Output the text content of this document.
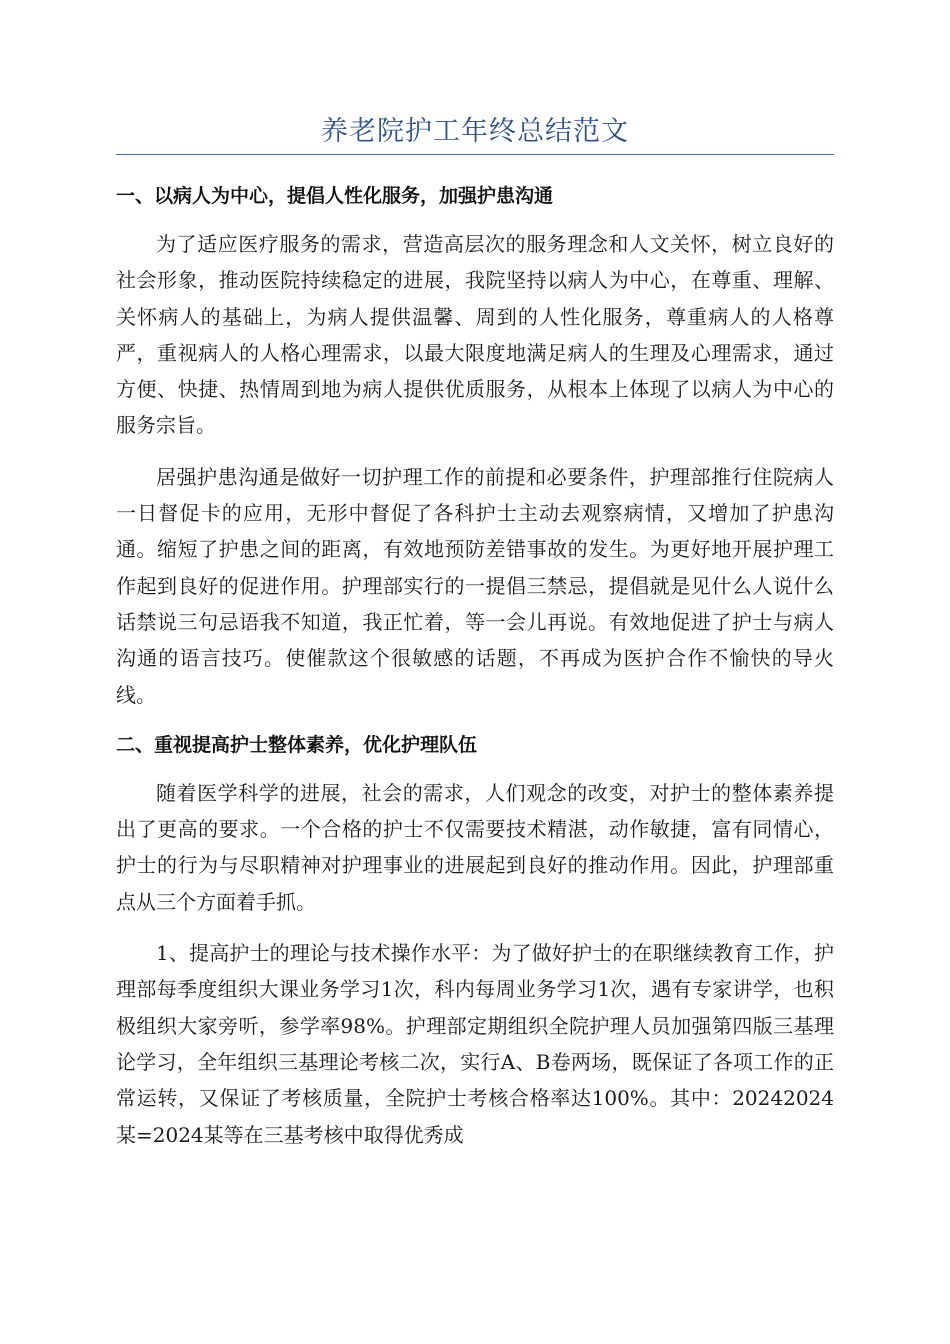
养老院护工年终总结范文
一、以病人为中心，提倡人性化服务，加强护患沟通

为了适应医疗服务的需求，营造高层次的服务理念和人文关怀，树立良好的社会形象，推动医院持续稳定的进展，我院坚持以病人为中心，在尊重、理解、关怀病人的基础上，为病人提供温馨、周到的人性化服务，尊重病人的人格尊严，重视病人的人格心理需求，以最大限度地满足病人的生理及心理需求，通过方便、快捷、热情周到地为病人提供优质服务，从根本上体现了以病人为中心的服务宗旨。

居强护患沟通是做好一切护理工作的前提和必要条件，护理部推行住院病人一日督促卡的应用，无形中督促了各科护士主动去观察病情，又增加了护患沟通。缩短了护患之间的距离，有效地预防差错事故的发生。为更好地开展护理工作起到良好的促进作用。护理部实行的一提倡三禁忌，提倡就是见什么人说什么话禁说三句忌语我不知道，我正忙着，等一会儿再说。有效地促进了护士与病人沟通的语言技巧。使催款这个很敏感的话题，不再成为医护合作不愉快的导火线。

二、重视提高护士整体素养，优化护理队伍

随着医学科学的进展，社会的需求，人们观念的改变，对护士的整体素养提出了更高的要求。一个合格的护士不仅需要技术精湛，动作敏捷，富有同情心，护士的行为与尽职精神对护理事业的进展起到良好的推动作用。因此，护理部重点从三个方面着手抓。

1、提高护士的理论与技术操作水平：为了做好护士的在职继续教育工作，护理部每季度组织大课业务学习1次，科内每周业务学习1次，遇有专家讲学，也积极组织大家旁听，参学率98%。护理部定期组织全院护理人员加强第四版三基理论学习，全年组织三基理论考核二次，实行A、B卷两场，既保证了各项工作的正常运转，又保证了考核质量，全院护士考核合格率达100%。其中：20242024某=2024某等在三基考核中取得优秀成
